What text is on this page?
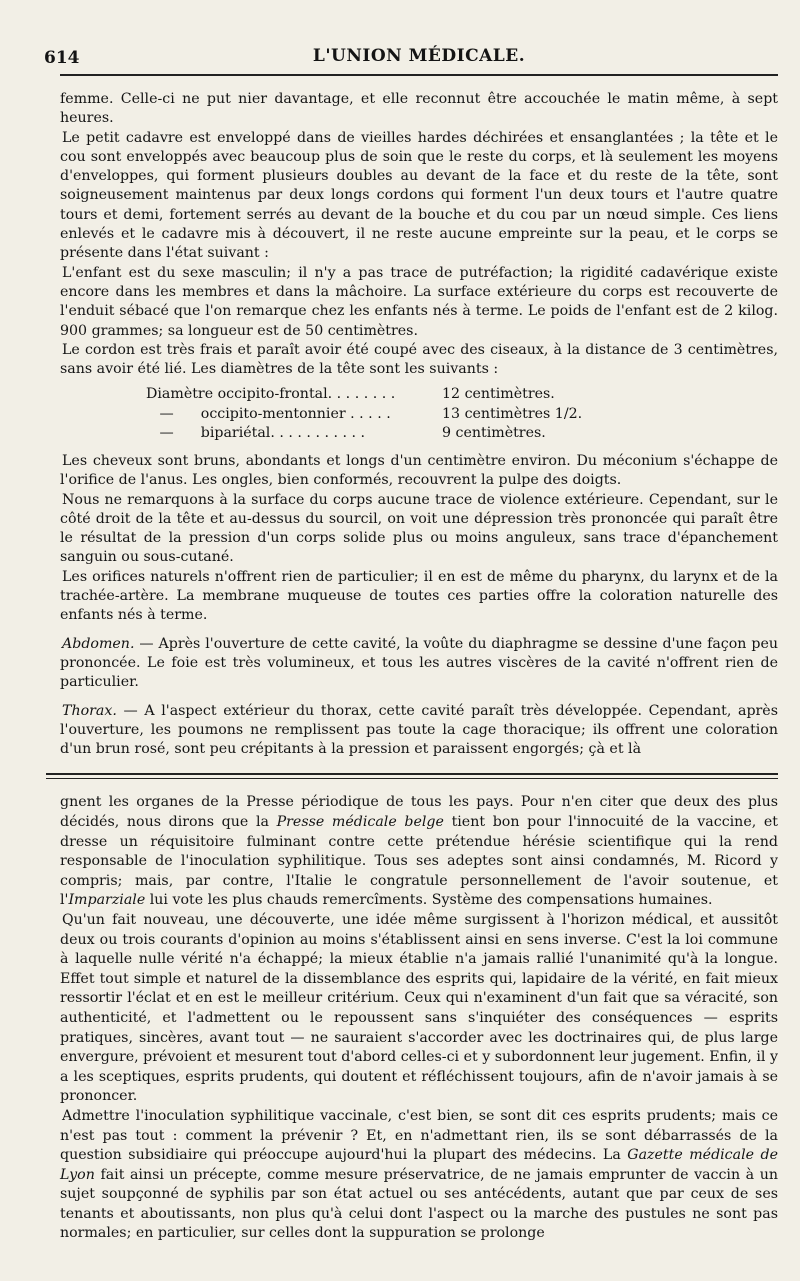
614	L'UNION MÉDICALE.

femme. Celle-ci ne put nier davantage, et elle reconnut être accouchée le matin même, à sept heures.

Le petit cadavre est enveloppé dans de vieilles hardes déchirées et ensanglantées ; la tête et le cou sont enveloppés avec beaucoup plus de soin que le reste du corps, et là seulement les moyens d'enveloppes, qui forment plusieurs doubles au devant de la face et du reste de la tête, sont soigneusement maintenus par deux longs cordons qui forment l'un deux tours et l'autre quatre tours et demi, fortement serrés au devant de la bouche et du cou par un nœud simple. Ces liens enlevés et le cadavre mis à découvert, il ne reste aucune empreinte sur la peau, et le corps se présente dans l'état suivant :

L'enfant est du sexe masculin; il n'y a pas trace de putréfaction; la rigidité cadavérique existe encore dans les membres et dans la mâchoire. La surface extérieure du corps est recouverte de l'enduit sébacé que l'on remarque chez les enfants nés à terme. Le poids de l'enfant est de 2 kilog. 900 grammes; sa longueur est de 50 centimètres.

Le cordon est très frais et paraît avoir été coupé avec des ciseaux, à la distance de 3 centimètres, sans avoir été lié. Les diamètres de la tête sont les suivants :

Diamètre occipito-frontal. . . . . . . .	12 centimètres.
—      occipito-mentonnier . . . . .	13 centimètres 1/2.
—      bipariétal. . . . . . . . . . .	9 centimètres.

Les cheveux sont bruns, abondants et longs d'un centimètre environ. Du méconium s'échappe de l'orifice de l'anus. Les ongles, bien conformés, recouvrent la pulpe des doigts.

Nous ne remarquons à la surface du corps aucune trace de violence extérieure. Cependant, sur le côté droit de la tête et au-dessus du sourcil, on voit une dépression très prononcée qui paraît être le résultat de la pression d'un corps solide plus ou moins anguleux, sans trace d'épanchement sanguin ou sous-cutané.

Les orifices naturels n'offrent rien de particulier; il en est de même du pharynx, du larynx et de la trachée-artère. La membrane muqueuse de toutes ces parties offre la coloration naturelle des enfants nés à terme.

Abdomen. — Après l'ouverture de cette cavité, la voûte du diaphragme se dessine d'une façon peu prononcée. Le foie est très volumineux, et tous les autres viscères de la cavité n'offrent rien de particulier.

Thorax. — A l'aspect extérieur du thorax, cette cavité paraît très développée. Cependant, après l'ouverture, les poumons ne remplissent pas toute la cage thoracique; ils offrent une coloration d'un brun rosé, sont peu crépitants à la pression et paraissent engorgés; çà et là

gnent les organes de la Presse périodique de tous les pays. Pour n'en citer que deux des plus décidés, nous dirons que la Presse médicale belge tient bon pour l'innocuité de la vaccine, et dresse un réquisitoire fulminant contre cette prétendue hérésie scientifique qui la rend responsable de l'inoculation syphilitique. Tous ses adeptes sont ainsi condamnés, M. Ricord y compris; mais, par contre, l'Italie le congratule personnellement de l'avoir soutenue, et l'Imparziale lui vote les plus chauds remercîments. Système des compensations humaines.

Qu'un fait nouveau, une découverte, une idée même surgissent à l'horizon médical, et aussitôt deux ou trois courants d'opinion au moins s'établissent ainsi en sens inverse. C'est la loi commune à laquelle nulle vérité n'a échappé; la mieux établie n'a jamais rallié l'unanimité qu'à la longue. Effet tout simple et naturel de la dissemblance des esprits qui, lapidaire de la vérité, en fait mieux ressortir l'éclat et en est le meilleur critérium. Ceux qui n'examinent d'un fait que sa véracité, son authenticité, et l'admettent ou le repoussent sans s'inquiéter des conséquences — esprits pratiques, sincères, avant tout — ne sauraient s'accorder avec les doctrinaires qui, de plus large envergure, prévoient et mesurent tout d'abord celles-ci et y subordonnent leur jugement. Enfin, il y a les sceptiques, esprits prudents, qui doutent et réfléchissent toujours, afin de n'avoir jamais à se prononcer.

Admettre l'inoculation syphilitique vaccinale, c'est bien, se sont dit ces esprits prudents; mais ce n'est pas tout : comment la prévenir ? Et, en n'admettant rien, ils se sont débarrassés de la question subsidiaire qui préoccupe aujourd'hui la plupart des médecins. La Gazette médicale de Lyon fait ainsi un précepte, comme mesure préservatrice, de ne jamais emprunter de vaccin à un sujet soupçonné de syphilis par son état actuel ou ses antécédents, autant que par ceux de ses tenants et aboutissants, non plus qu'à celui dont l'aspect ou la marche des pustules ne sont pas normales; en particulier, sur celles dont la suppuration se prolonge
